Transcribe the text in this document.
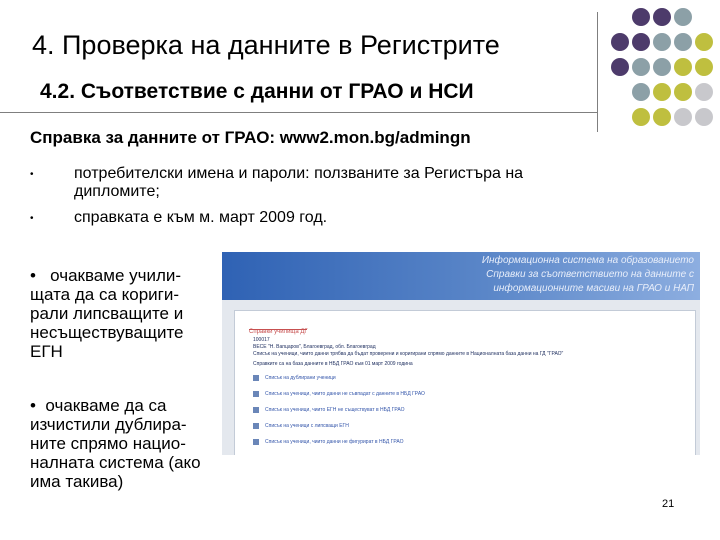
4. Проверка на данните в Регистрите
4.2. Съответствие с данни от ГРАО и НСИ
Справка за данните от ГРАО: www2.mon.bg/admingn
•	потребителски имена и пароли: ползваните за Регистъра на дипломите;
•	справката е към м. март 2009 год.
• очакваме учили-
щата да са кориги-
рали липсващите и
несъществуващите
ЕГН
• очакваме да са
изчистили дублира-
ните спрямо нацио-
налната система (ако
има такива)
Информационна система на образованието
Справки за съответствието на данните с
информационните масиви на ГРАО и НАП
Справки училища ДГ
100017
ВЕСЕ "Н. Вапцаров", Благоевград, обл. Благоевград
Списък на ученици, чиито данни трябва да бъдат проверени и коригирани спрямо данните в Националната база данни на ГД "ГРАО"
Справките са на база данните в НБД ГРАО към 01 март 2009 година
Списък на дублирани ученици
Списък на ученици, чиито данни не съвпадат с данните в НБД ГРАО
Списък на ученици, чиито ЕГН не съществуват в НБД ГРАО
Списък на ученици с липсващи ЕГН
Списък на ученици, чиито данни не фигурират в НБД ГРАО
21
